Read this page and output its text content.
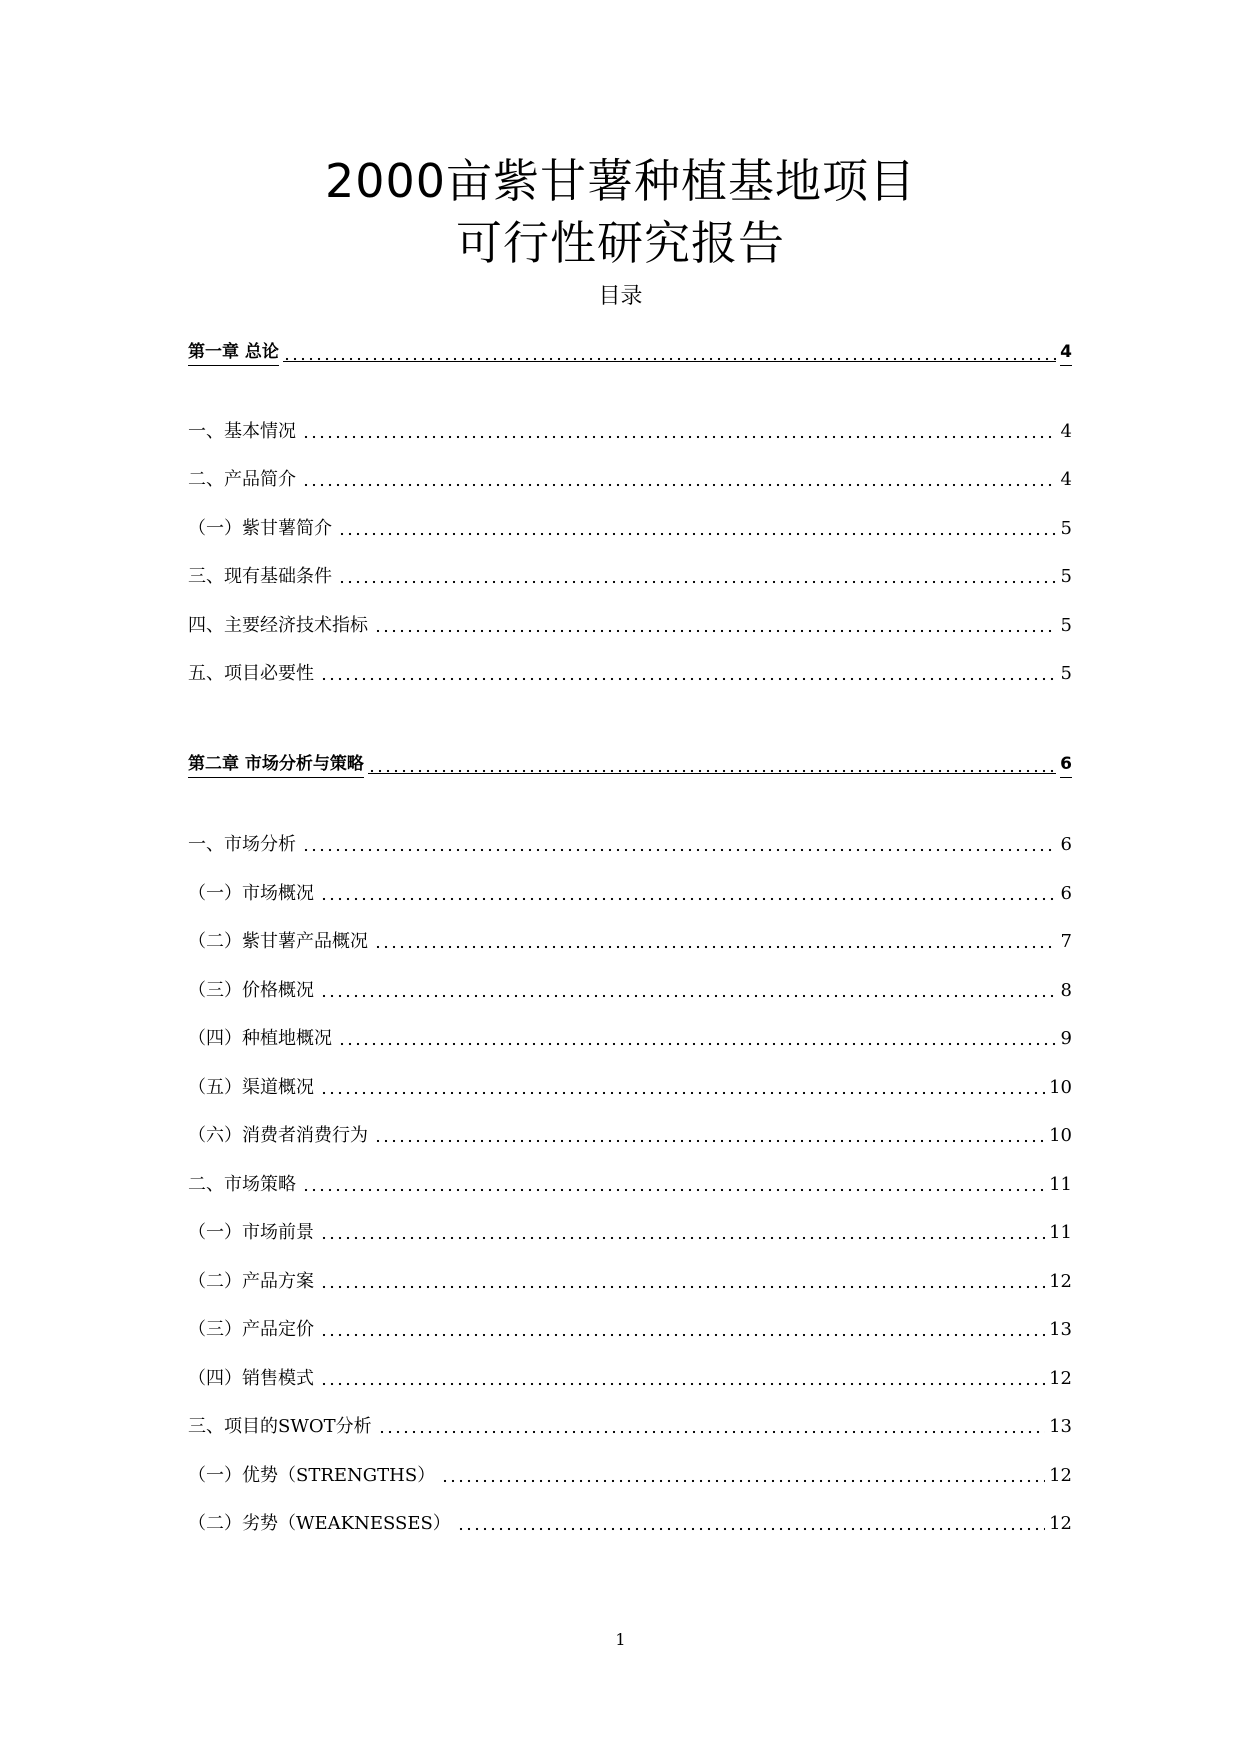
2000亩紫甘薯种植基地项目
可行性研究报告
目录
第一章 总论	4
一、基本情况	4
二、产品简介	4
（一）紫甘薯简介	5
三、现有基础条件	5
四、主要经济技术指标	5
五、项目必要性	5
第二章 市场分析与策略	6
一、市场分析	6
（一）市场概况	6
（二）紫甘薯产品概况	7
（三）价格概况	8
（四）种植地概况	9
（五）渠道概况	10
（六）消费者消费行为	10
二、市场策略	11
（一）市场前景	11
（二）产品方案	12
（三）产品定价	13
（四）销售模式	12
三、项目的SWOT分析	13
（一）优势（STRENGTHS）	12
（二）劣势（WEAKNESSES）	12
1
